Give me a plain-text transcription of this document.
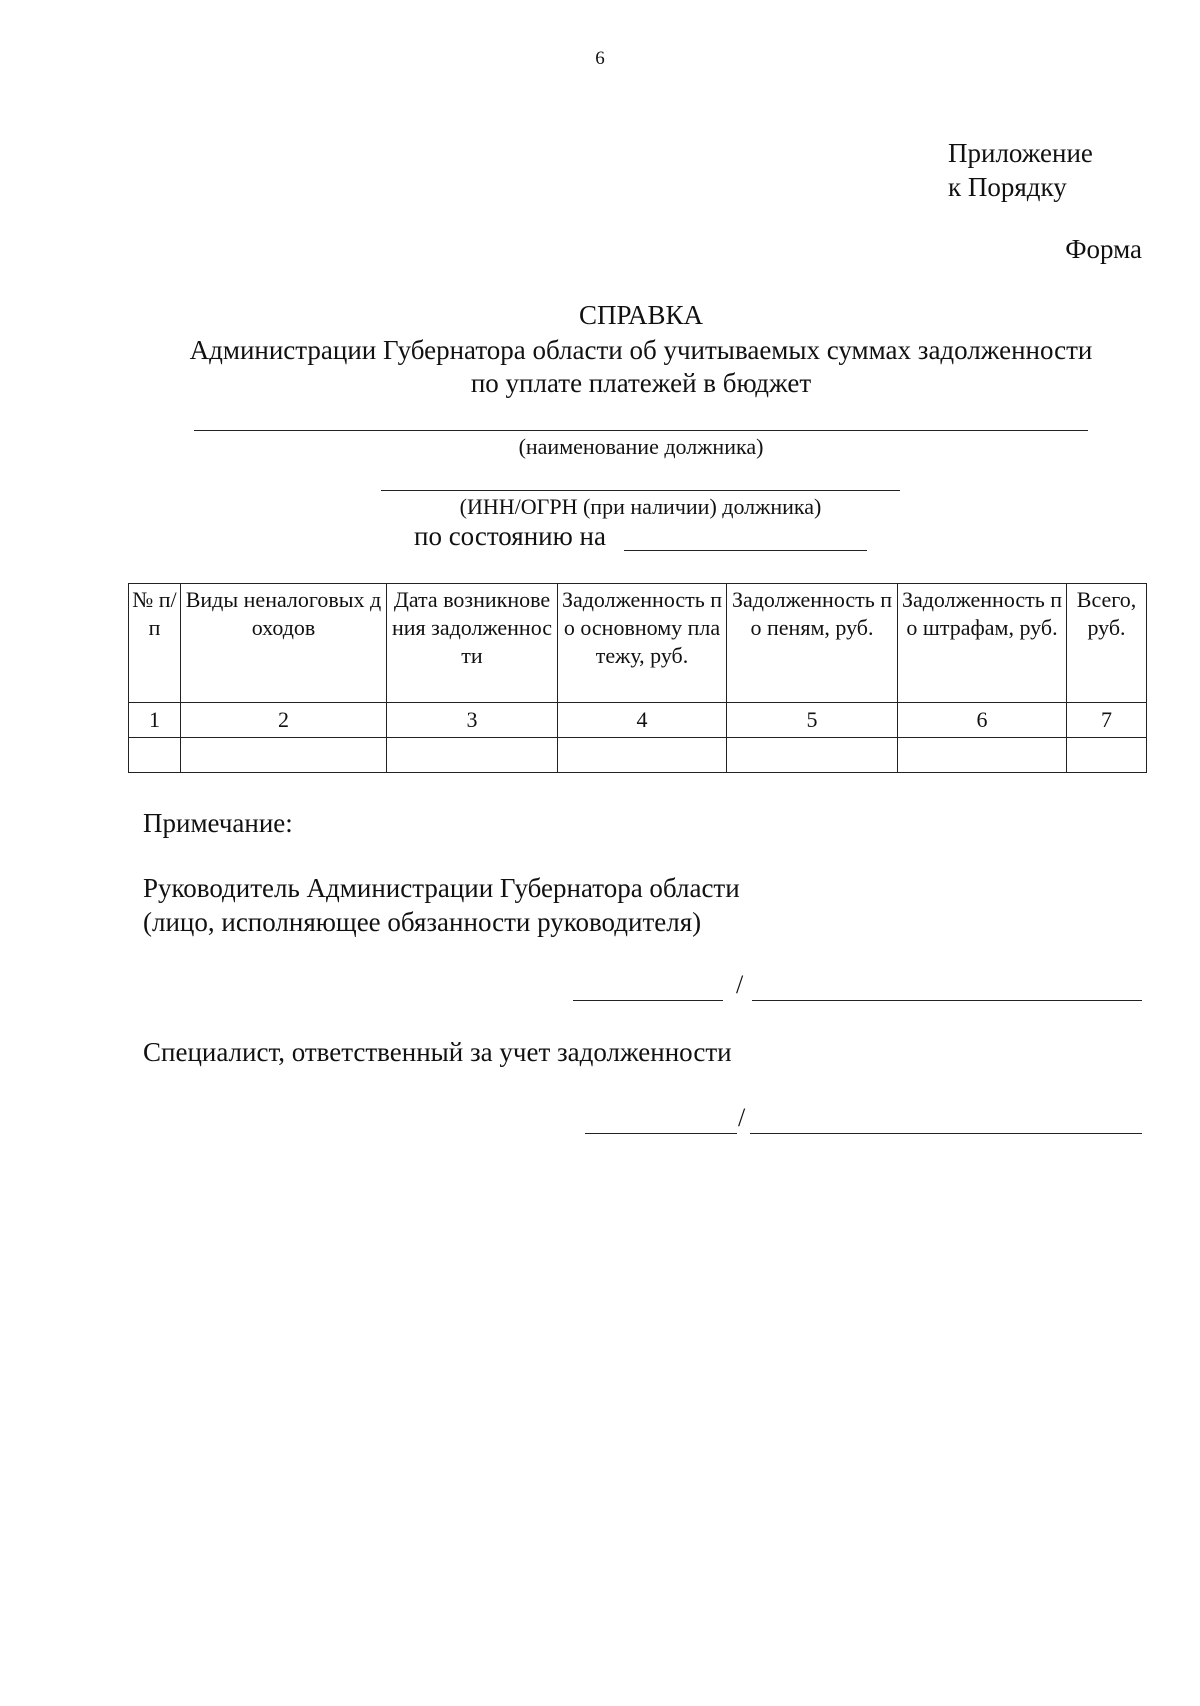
6
Приложение
к Порядку
Форма
СПРАВКА
Администрации Губернатора области об учитываемых суммах задолженности
по уплате платежей в бюджет
(наименование должника)
(ИНН/ОГРН (при наличии) должника)
по состоянию на
№ п/п	Виды неналоговых доходов	Дата возникновения задолженности	Задолженность по основному платежу, руб.	Задолженность по пеням, руб.	Задолженность по штрафам, руб.	Всего, руб.
1	2	3	4	5	6	7

Примечание:
Руководитель Администрации Губернатора области
(лицо, исполняющее обязанности руководителя)
/
Специалист, ответственный за учет задолженности
/
